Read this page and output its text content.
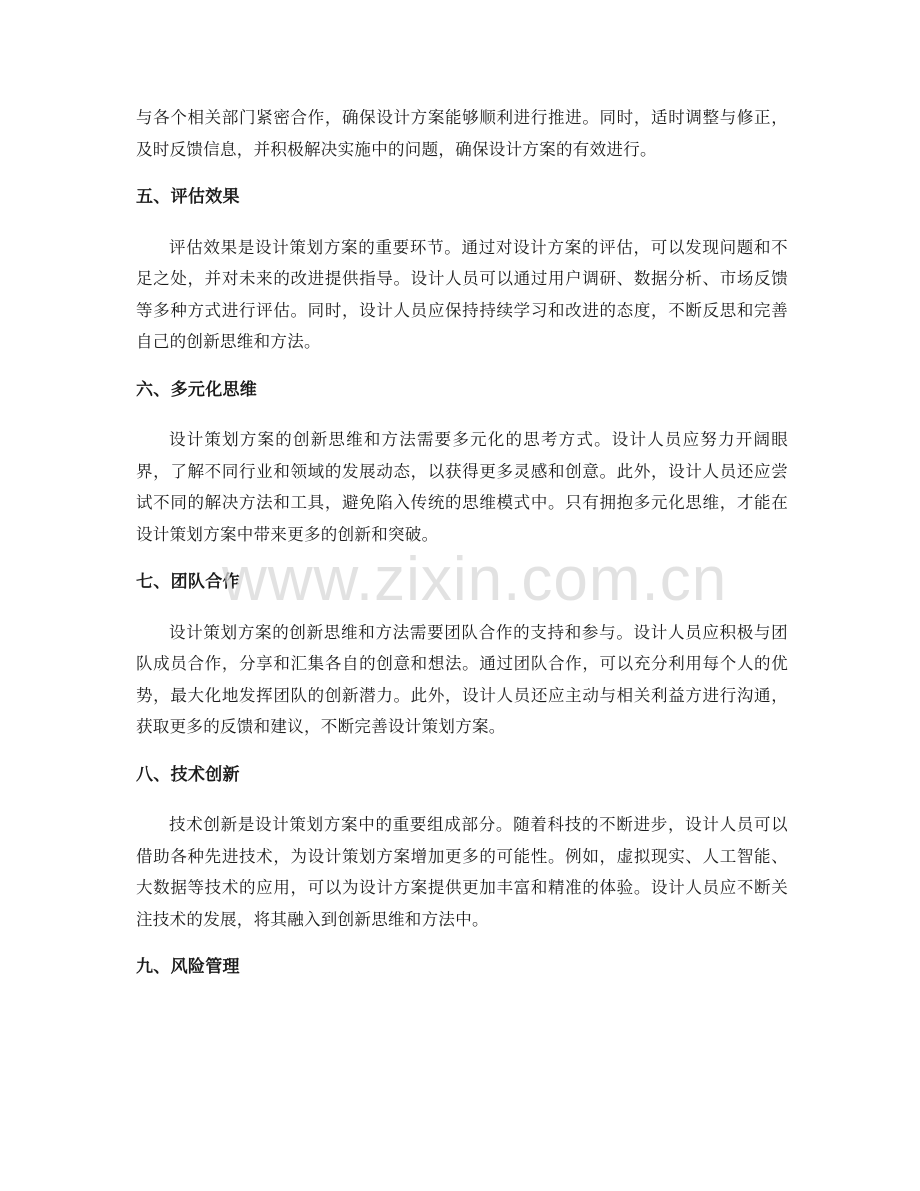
与各个相关部门紧密合作，确保设计方案能够顺利进行推进。同时，适时调整与修正，及时反馈信息，并积极解决实施中的问题，确保设计方案的有效进行。

五、评估效果

评估效果是设计策划方案的重要环节。通过对设计方案的评估，可以发现问题和不足之处，并对未来的改进提供指导。设计人员可以通过用户调研、数据分析、市场反馈等多种方式进行评估。同时，设计人员应保持持续学习和改进的态度，不断反思和完善自己的创新思维和方法。

六、多元化思维

设计策划方案的创新思维和方法需要多元化的思考方式。设计人员应努力开阔眼界，了解不同行业和领域的发展动态，以获得更多灵感和创意。此外，设计人员还应尝试不同的解决方法和工具，避免陷入传统的思维模式中。只有拥抱多元化思维，才能在设计策划方案中带来更多的创新和突破。

七、团队合作

设计策划方案的创新思维和方法需要团队合作的支持和参与。设计人员应积极与团队成员合作，分享和汇集各自的创意和想法。通过团队合作，可以充分利用每个人的优势，最大化地发挥团队的创新潜力。此外，设计人员还应主动与相关利益方进行沟通，获取更多的反馈和建议，不断完善设计策划方案。

八、技术创新

技术创新是设计策划方案中的重要组成部分。随着科技的不断进步，设计人员可以借助各种先进技术，为设计策划方案增加更多的可能性。例如，虚拟现实、人工智能、大数据等技术的应用，可以为设计方案提供更加丰富和精准的体验。设计人员应不断关注技术的发展，将其融入到创新思维和方法中。

九、风险管理
www.zixin.com.cn
